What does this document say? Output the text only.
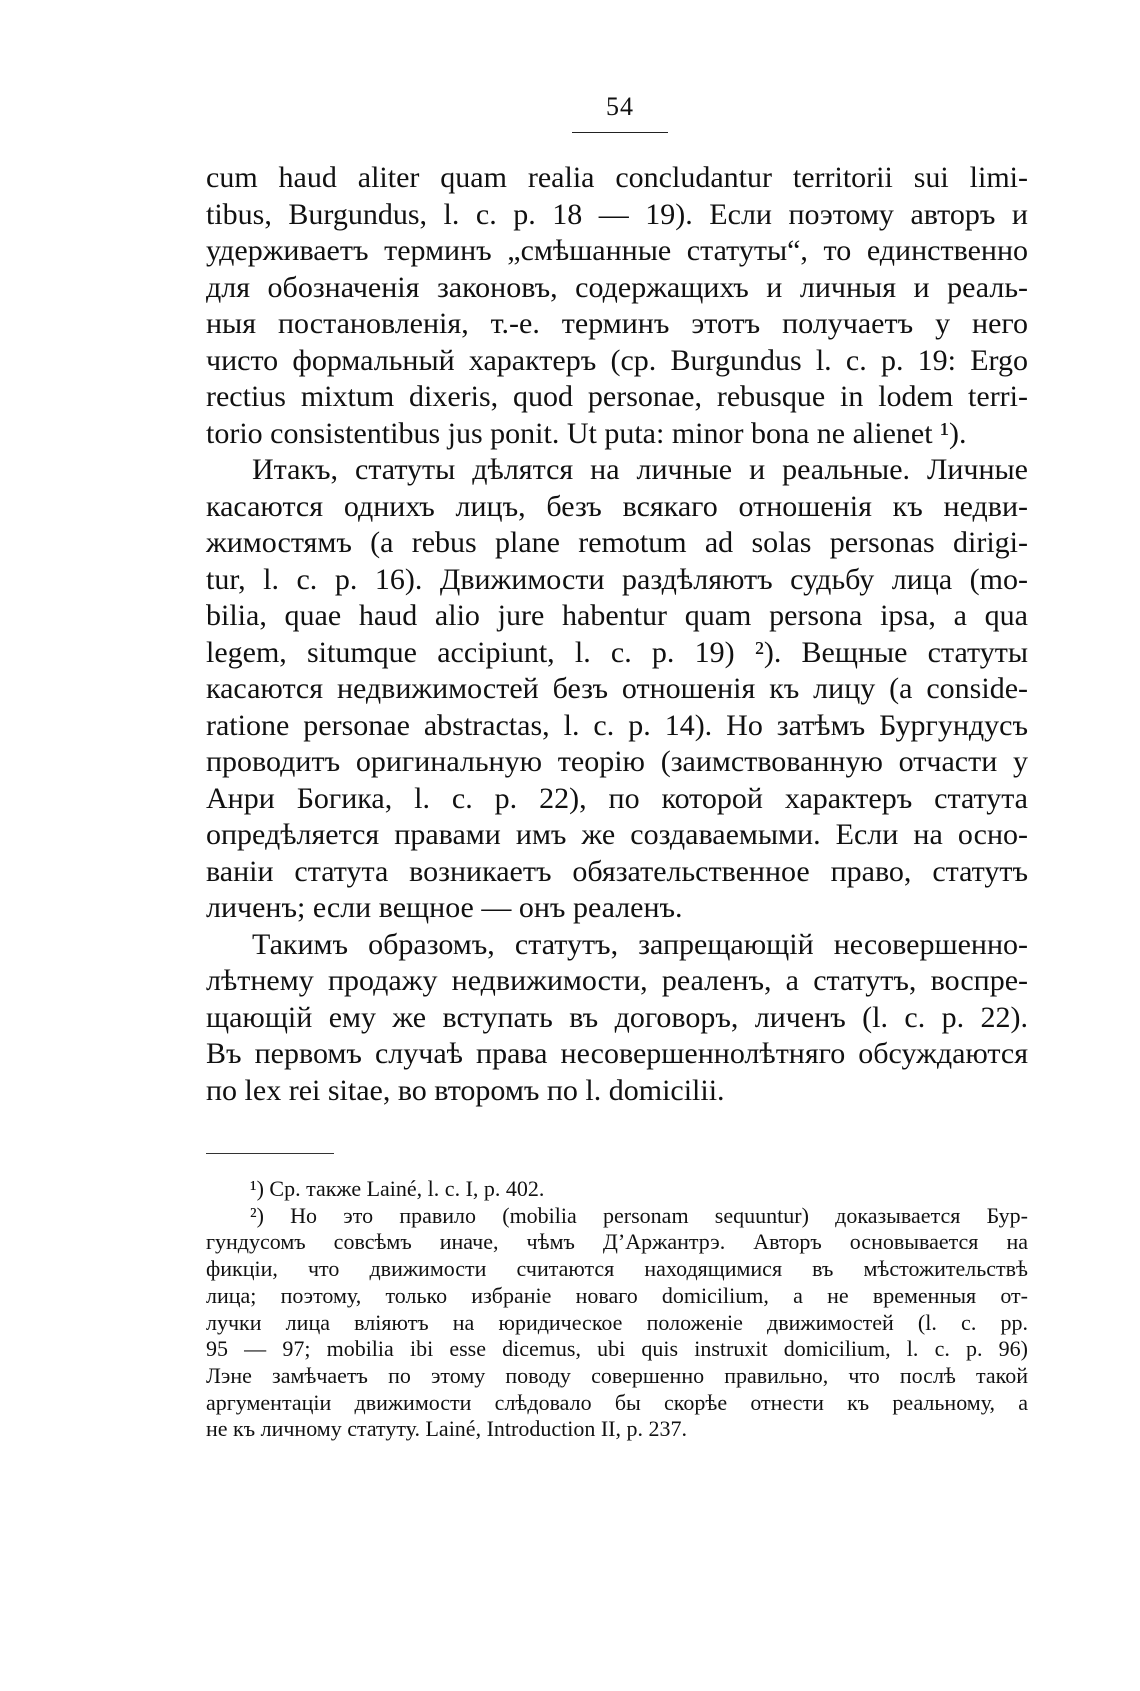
54
cum haud aliter quam realia concludantur territorii sui limi-
tibus, Burgundus, l. c. p. 18 — 19). Если поэтому авторъ и
удерживаетъ терминъ „смѣшанные статуты“, то единственно
для обозначенія законовъ, содержащихъ и личныя и реаль-
ныя постановленія, т.-е. терминъ этотъ получаетъ у него
чисто формальный характеръ (ср. Burgundus l. c. p. 19: Ergo
rectius mixtum dixeris, quod personae, rebusque in lodem terri-
torio consistentibus jus ponit. Ut puta: minor bona ne alienet ¹).
Итакъ, статуты дѣлятся на личные и реальные. Личные
касаются однихъ лицъ, безъ всякаго отношенія къ недви-
жимостямъ (a rebus plane remotum ad solas personas dirigi-
tur, l. c. p. 16). Движимости раздѣляютъ судьбу лица (mo-
bilia, quae haud alio jure habentur quam persona ipsa, a qua
legem, situmque accipiunt, l. c. p. 19) ²). Вещные статуты
касаются недвижимостей безъ отношенія къ лицу (a conside-
ratione personae abstractas, l. c. p. 14). Но затѣмъ Бургундусъ
проводитъ оригинальную теорію (заимствованную отчасти у
Анри Богика, l. c. p. 22), по которой характеръ статута
опредѣляется правами имъ же создаваемыми. Если на осно-
ваніи статута возникаетъ обязательственное право, статутъ
личенъ; если вещное — онъ реаленъ.
Такимъ образомъ, статутъ, запрещающій несовершенно-
лѣтнему продажу недвижимости, реаленъ, а статутъ, воспре-
щающій ему же вступать въ договоръ, личенъ (l. c. p. 22).
Въ первомъ случаѣ права несовершеннолѣтняго обсуждаются
по lex rei sitae, во второмъ по l. domicilii.
¹) Ср. также Lainé, l. c. I, p. 402.
²) Но это правило (mobilia personam sequuntur) доказывается Бур-
гундусомъ совсѣмъ иначе, чѣмъ Д’Аржантрэ. Авторъ основывается на
фикціи, что движимости считаются находящимися въ мѣстожительствѣ
лица; поэтому, только избраніе новаго domicilium, а не временныя от-
лучки лица вліяютъ на юридическое положеніе движимостей (l. c. pp.
95 — 97; mobilia ibi esse dicemus, ubi quis instruxit domicilium, l. c. p. 96)
Лэне замѣчаетъ по этому поводу совершенно правильно, что послѣ такой
аргументаціи движимости слѣдовало бы скорѣе отнести къ реальному, а
не къ личному статуту. Lainé, Introduction II, p. 237.
